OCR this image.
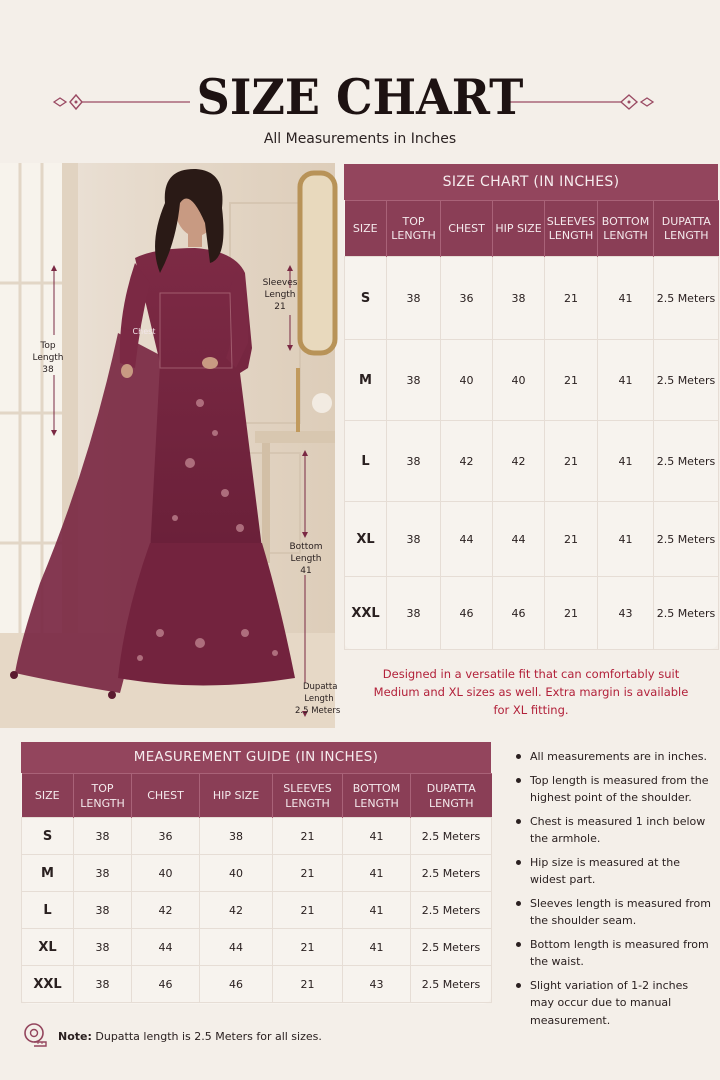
SIZE CHART
All Measurements in Inches
Top
Length
38
Chest
Sleeves
Length
21
Bottom
Length
41
Dupatta
Length
2.5 Meters
SIZE CHART (IN INCHES)
SIZE	TOP LENGTH	CHEST	HIP SIZE	SLEEVES LENGTH	BOTTOM LENGTH	DUPATTA LENGTH
S	38	36	38	21	41	2.5 Meters
M	38	40	40	21	41	2.5 Meters
L	38	42	42	21	41	2.5 Meters
XL	38	44	44	21	41	2.5 Meters
XXL	38	46	46	21	43	2.5 Meters
Designed in a versatile fit that can comfortably suit
Medium and XL sizes as well. Extra margin is available
for XL fitting.
MEASUREMENT GUIDE (IN INCHES)
SIZE	TOP LENGTH	CHEST	HIP SIZE	SLEEVES LENGTH	BOTTOM LENGTH	DUPATTA LENGTH
S	38	36	38	21	41	2.5 Meters
M	38	40	40	21	41	2.5 Meters
L	38	42	42	21	41	2.5 Meters
XL	38	44	44	21	41	2.5 Meters
XXL	38	46	46	21	43	2.5 Meters
All measurements are in inches.
Top length is measured from the highest point of the shoulder.
Chest is measured 1 inch below the armhole.
Hip size is measured at the widest part.
Sleeves length is measured from the shoulder seam.
Bottom length is measured from the waist.
Slight variation of 1-2 inches may occur due to manual measurement.
Note: Dupatta length is 2.5 Meters for all sizes.
